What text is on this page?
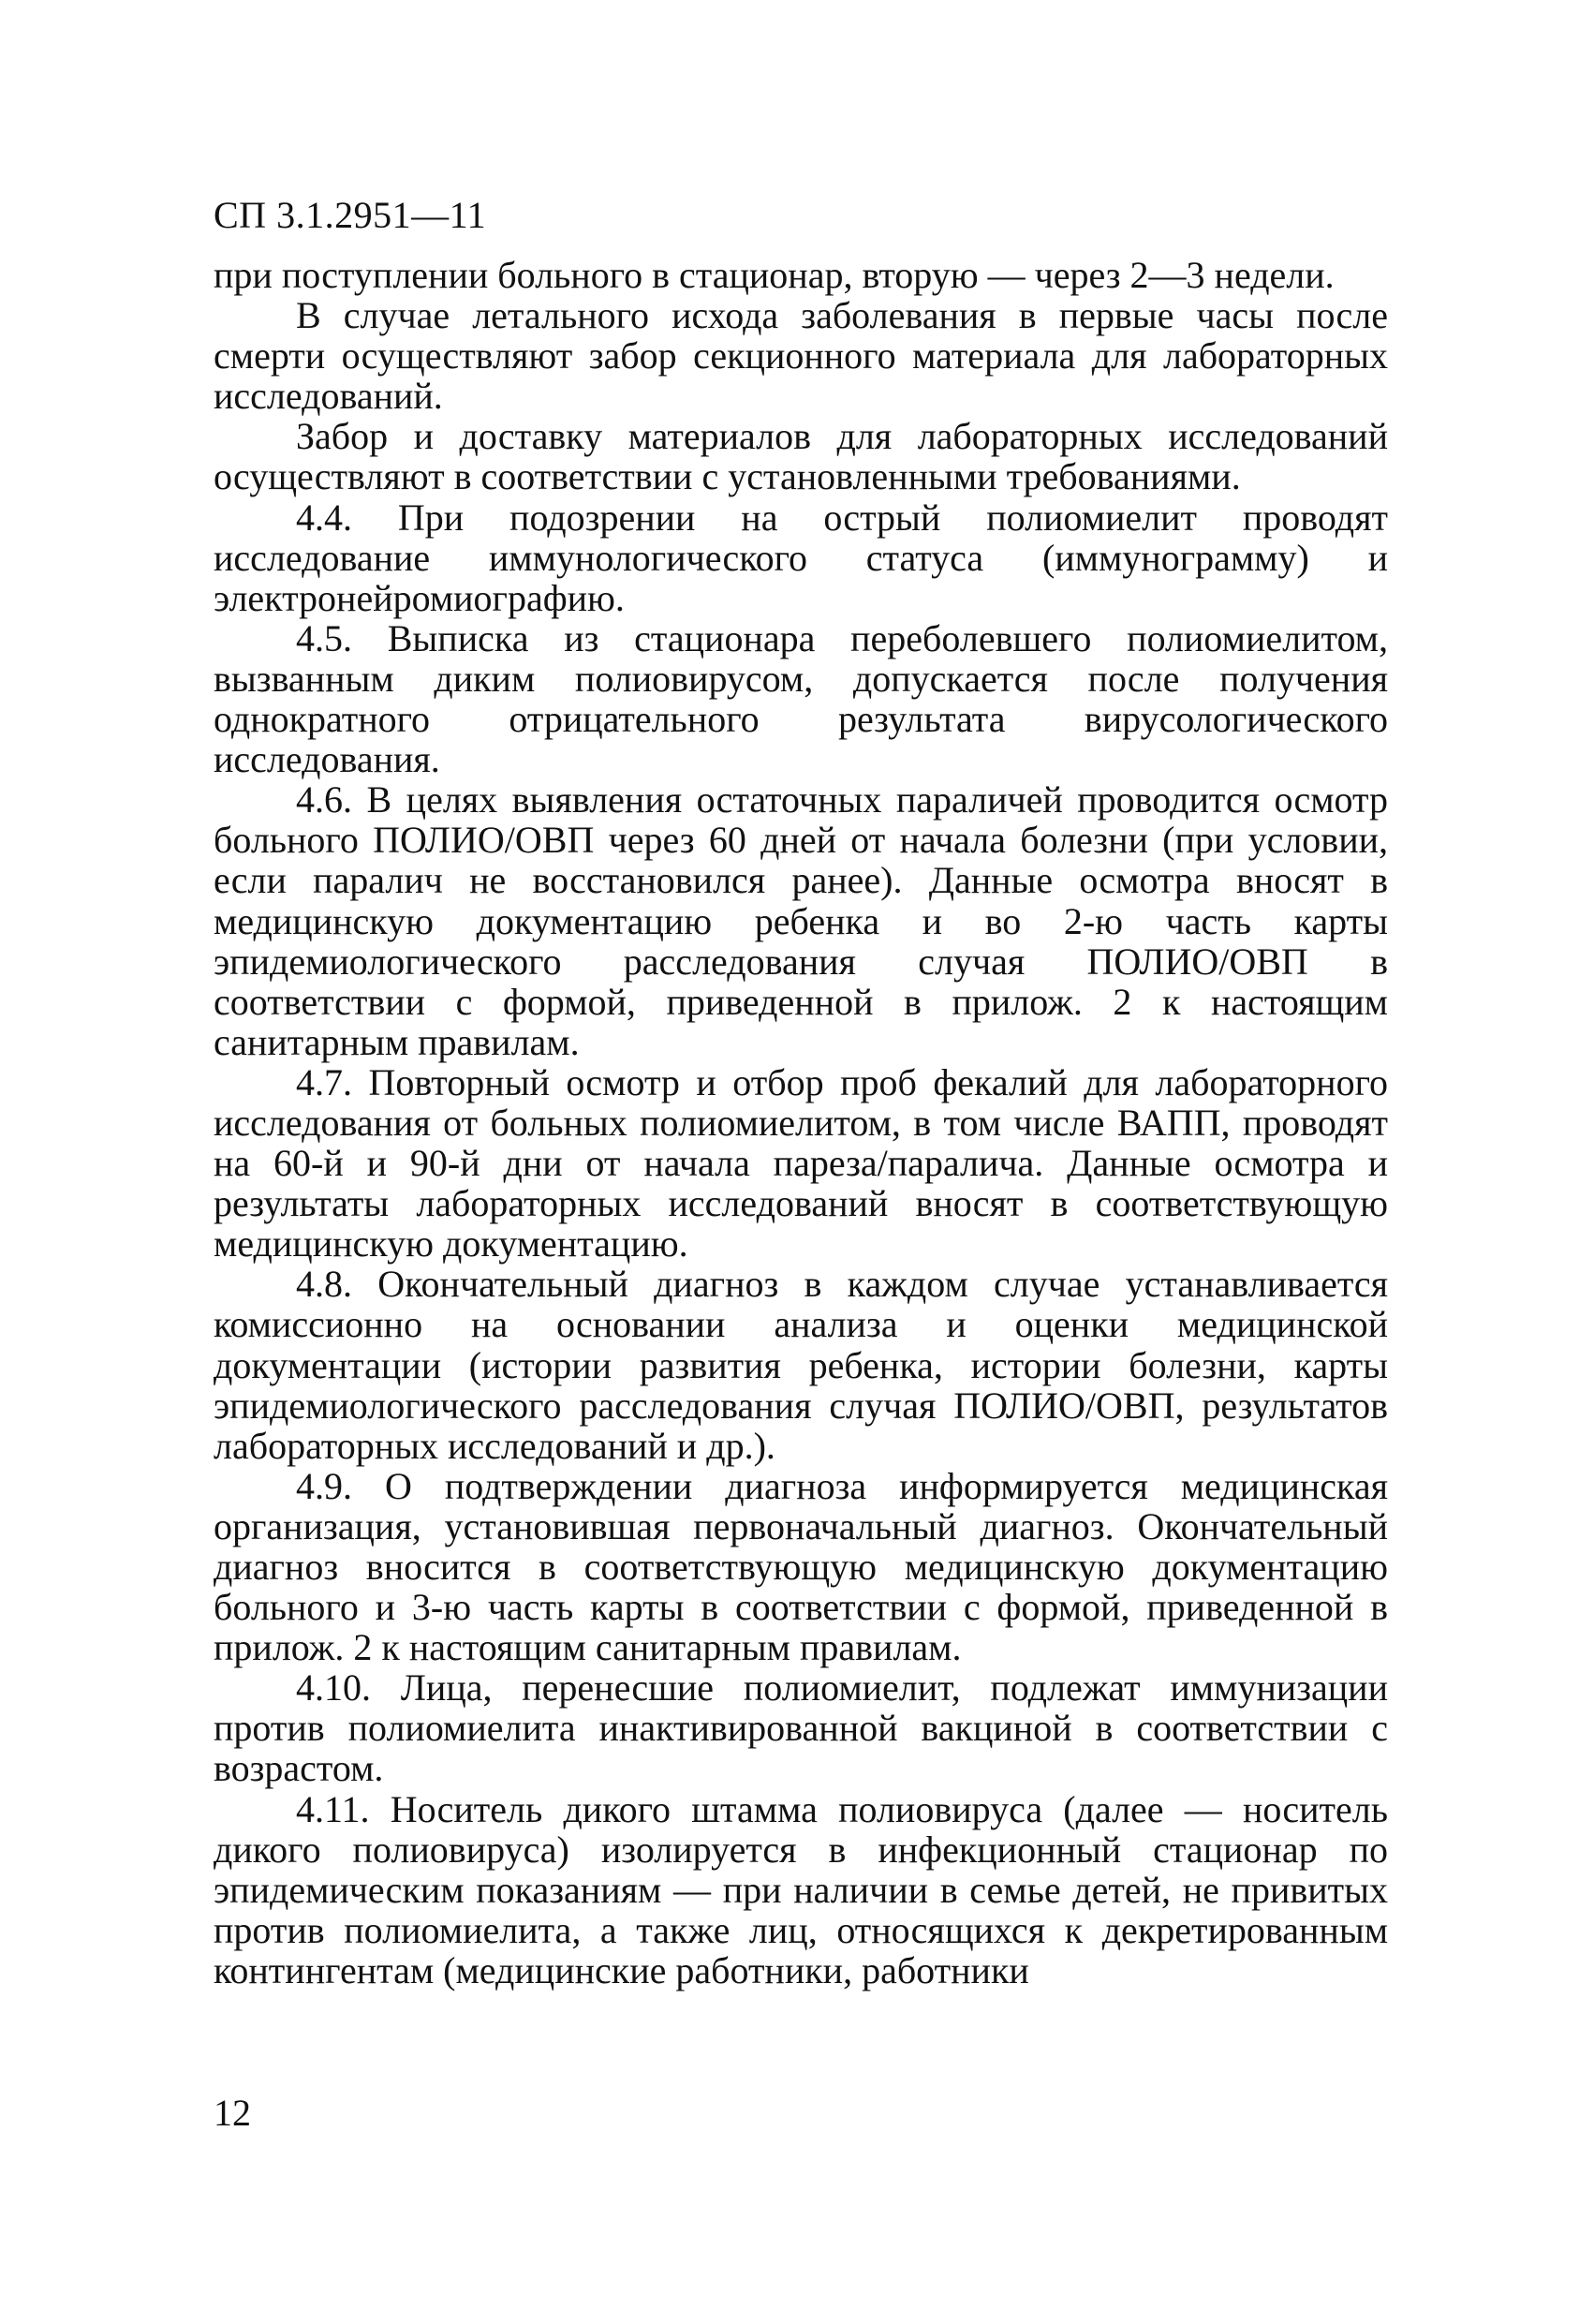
СП 3.1.2951—11

при поступлении больного в стационар, вторую — через 2—3 недели.

В случае летального исхода заболевания в первые часы после смерти осуществляют забор секционного материала для лабораторных исследований.

Забор и доставку материалов для лабораторных исследований осуществляют в соответствии с установленными требованиями.

4.4. При подозрении на острый полиомиелит проводят исследование иммунологического статуса (иммунограмму) и электронейромиографию.

4.5. Выписка из стационара переболевшего полиомиелитом, вызванным диким полиовирусом, допускается после получения однократного отрицательного результата вирусологического исследования.

4.6. В целях выявления остаточных параличей проводится осмотр больного ПОЛИО/ОВП через 60 дней от начала болезни (при условии, если паралич не восстановился ранее). Данные осмотра вносят в медицинскую документацию ребенка и во 2-ю часть карты эпидемиологического расследования случая ПОЛИО/ОВП в соответствии с формой, приведенной в прилож. 2 к настоящим санитарным правилам.

4.7. Повторный осмотр и отбор проб фекалий для лабораторного исследования от больных полиомиелитом, в том числе ВАПП, проводят на 60-й и 90-й дни от начала пареза/паралича. Данные осмотра и результаты лабораторных исследований вносят в соответствующую медицинскую документацию.

4.8. Окончательный диагноз в каждом случае устанавливается комиссионно на основании анализа и оценки медицинской документации (истории развития ребенка, истории болезни, карты эпидемиологического расследования случая ПОЛИО/ОВП, результатов лабораторных исследований и др.).

4.9. О подтверждении диагноза информируется медицинская организация, установившая первоначальный диагноз. Окончательный диагноз вносится в соответствующую медицинскую документацию больного и 3-ю часть карты в соответствии с формой, приведенной в прилож. 2 к настоящим санитарным правилам.

4.10. Лица, перенесшие полиомиелит, подлежат иммунизации против полиомиелита инактивированной вакциной в соответствии с возрастом.

4.11. Носитель дикого штамма полиовируса (далее — носитель дикого полиовируса) изолируется в инфекционный стационар по эпидемическим показаниям — при наличии в семье детей, не привитых против полиомиелита, а также лиц, относящихся к декретированным контингентам (медицинские работники, работники

12
